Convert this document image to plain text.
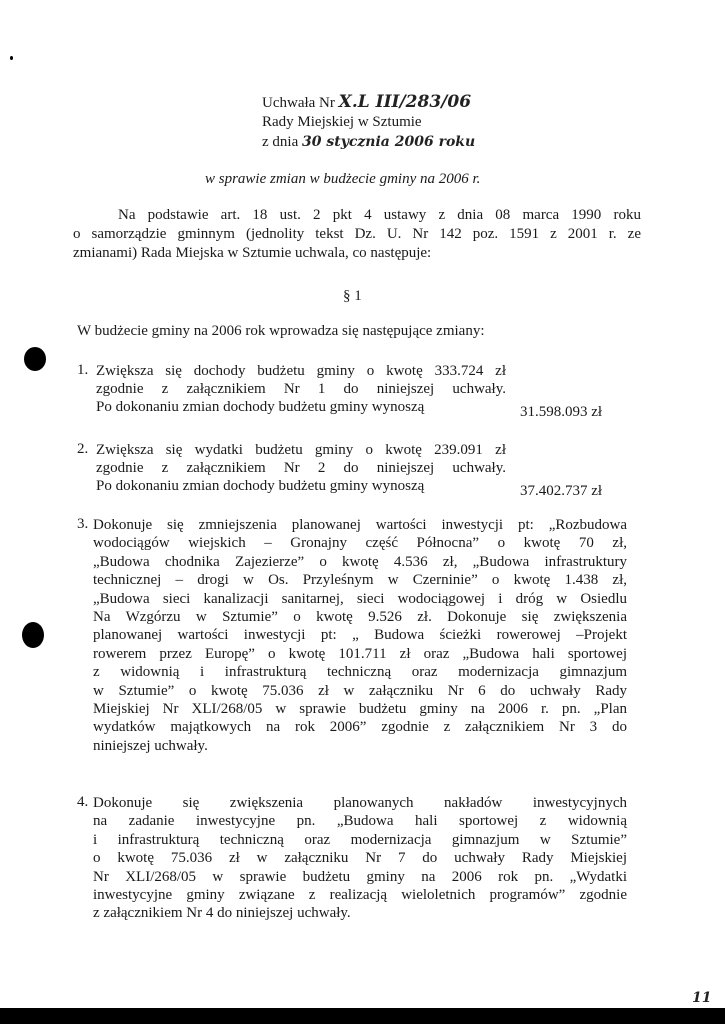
Uchwała Nr X.L III/283/06
Rady Miejskiej w Sztumie
z dnia 30 stycznia 2006 roku
w sprawie zmian w budżecie gminy na 2006 r.
Na podstawie art. 18 ust. 2 pkt 4 ustawy z dnia 08 marca 1990 roku
o samorządzie gminnym (jednolity tekst Dz. U. Nr 142 poz. 1591 z 2001 r. ze
zmianami) Rada Miejska w Sztumie uchwala, co następuje:
§ 1
W budżecie gminy na 2006 rok wprowadza się następujące zmiany:
1. Zwiększa się dochody budżetu gminy o kwotę 333.724 zł
zgodnie z załącznikiem Nr 1 do niniejszej uchwały.
Po dokonaniu zmian dochody budżetu gminy wynoszą	31.598.093 zł
2. Zwiększa się wydatki budżetu gminy o kwotę 239.091 zł
zgodnie z załącznikiem Nr 2 do niniejszej uchwały.
Po dokonaniu zmian dochody budżetu gminy wynoszą	37.402.737 zł
3. Dokonuje się zmniejszenia planowanej wartości inwestycji pt: „Rozbudowa
wodociągów wiejskich – Gronajny część Północna” o kwotę 70 zł,
„Budowa chodnika Zajezierze” o kwotę 4.536 zł, „Budowa infrastruktury
technicznej – drogi w Os. Przyleśnym w Czerninie” o kwotę 1.438 zł,
„Budowa sieci kanalizacji sanitarnej, sieci wodociągowej i dróg w Osiedlu
Na Wzgórzu w Sztumie” o kwotę 9.526 zł. Dokonuje się zwiększenia
planowanej wartości inwestycji pt: „ Budowa ścieżki rowerowej –Projekt
rowerem przez Europę” o kwotę 101.711 zł oraz „Budowa hali sportowej
z widownią i infrastrukturą techniczną oraz modernizacja gimnazjum
w Sztumie” o kwotę 75.036 zł w załączniku Nr 6 do uchwały Rady
Miejskiej Nr XLI/268/05 w sprawie budżetu gminy na 2006 r. pn. „Plan
wydatków majątkowych na rok 2006” zgodnie z załącznikiem Nr 3 do
niniejszej uchwały.
4. Dokonuje się zwiększenia planowanych nakładów inwestycyjnych
na zadanie inwestycyjne pn. „Budowa hali sportowej z widownią
i infrastrukturą techniczną oraz modernizacja gimnazjum w Sztumie”
o kwotę 75.036 zł w załączniku Nr 7 do uchwały Rady Miejskiej
Nr XLI/268/05 w sprawie budżetu gminy na 2006 rok pn. „Wydatki
inwestycyjne gminy związane z realizacją wieloletnich programów” zgodnie
z załącznikiem Nr 4 do niniejszej uchwały.
11
